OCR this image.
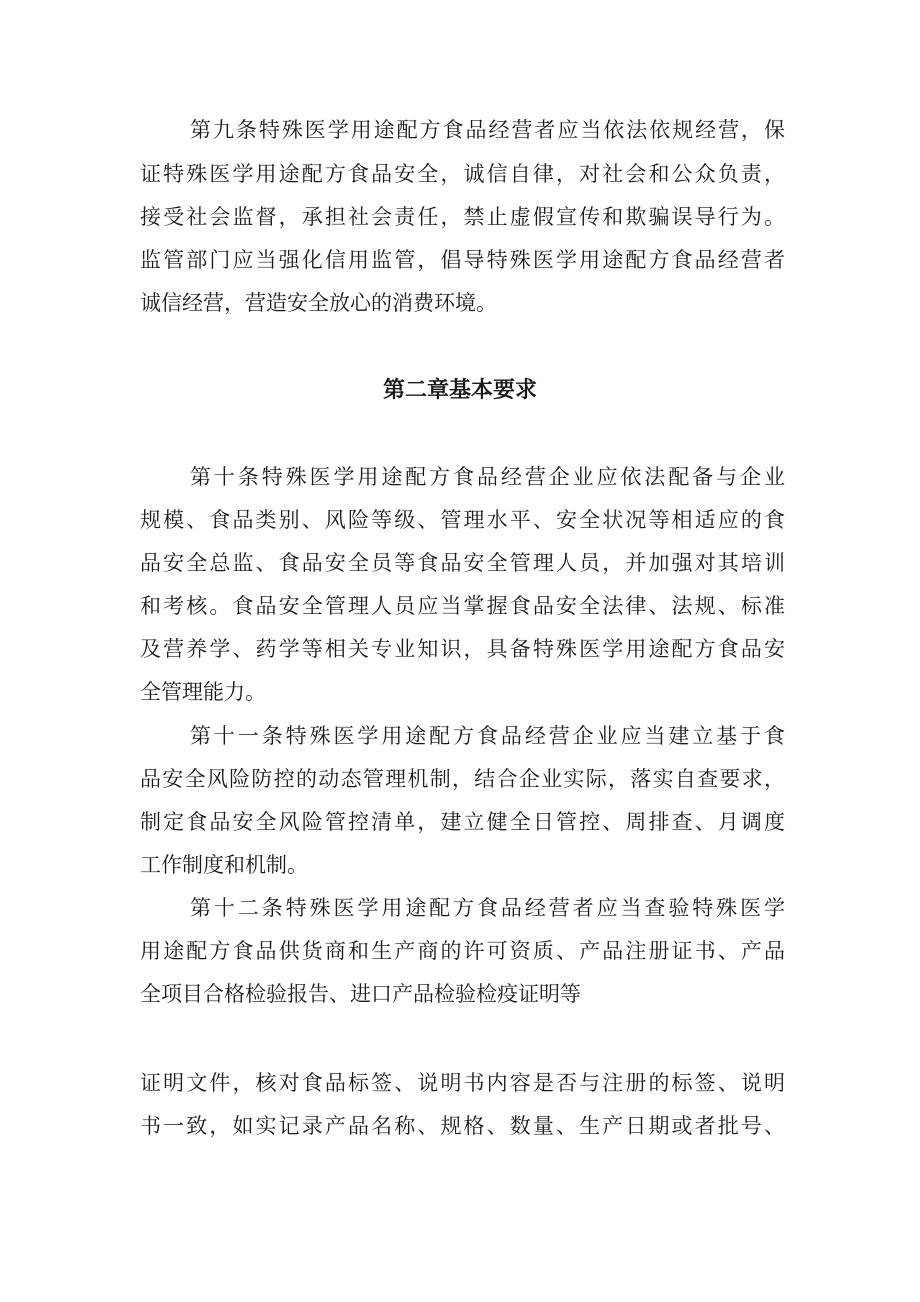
第九条特殊医学用途配方食品经营者应当依法依规经营，保
证特殊医学用途配方食品安全，诚信自律，对社会和公众负责，
接受社会监督，承担社会责任，禁止虚假宣传和欺骗误导行为。
监管部门应当强化信用监管，倡导特殊医学用途配方食品经营者
诚信经营，营造安全放心的消费环境。
第二章基本要求
第十条特殊医学用途配方食品经营企业应依法配备与企业
规模、食品类别、风险等级、管理水平、安全状况等相适应的食
品安全总监、食品安全员等食品安全管理人员，并加强对其培训
和考核。食品安全管理人员应当掌握食品安全法律、法规、标准
及营养学、药学等相关专业知识，具备特殊医学用途配方食品安
全管理能力。
第十一条特殊医学用途配方食品经营企业应当建立基于食
品安全风险防控的动态管理机制，结合企业实际，落实自查要求，
制定食品安全风险管控清单，建立健全日管控、周排查、月调度
工作制度和机制。
第十二条特殊医学用途配方食品经营者应当查验特殊医学
用途配方食品供货商和生产商的许可资质、产品注册证书、产品
全项目合格检验报告、进口产品检验检疫证明等
证明文件，核对食品标签、说明书内容是否与注册的标签、说明
书一致，如实记录产品名称、规格、数量、生产日期或者批号、
